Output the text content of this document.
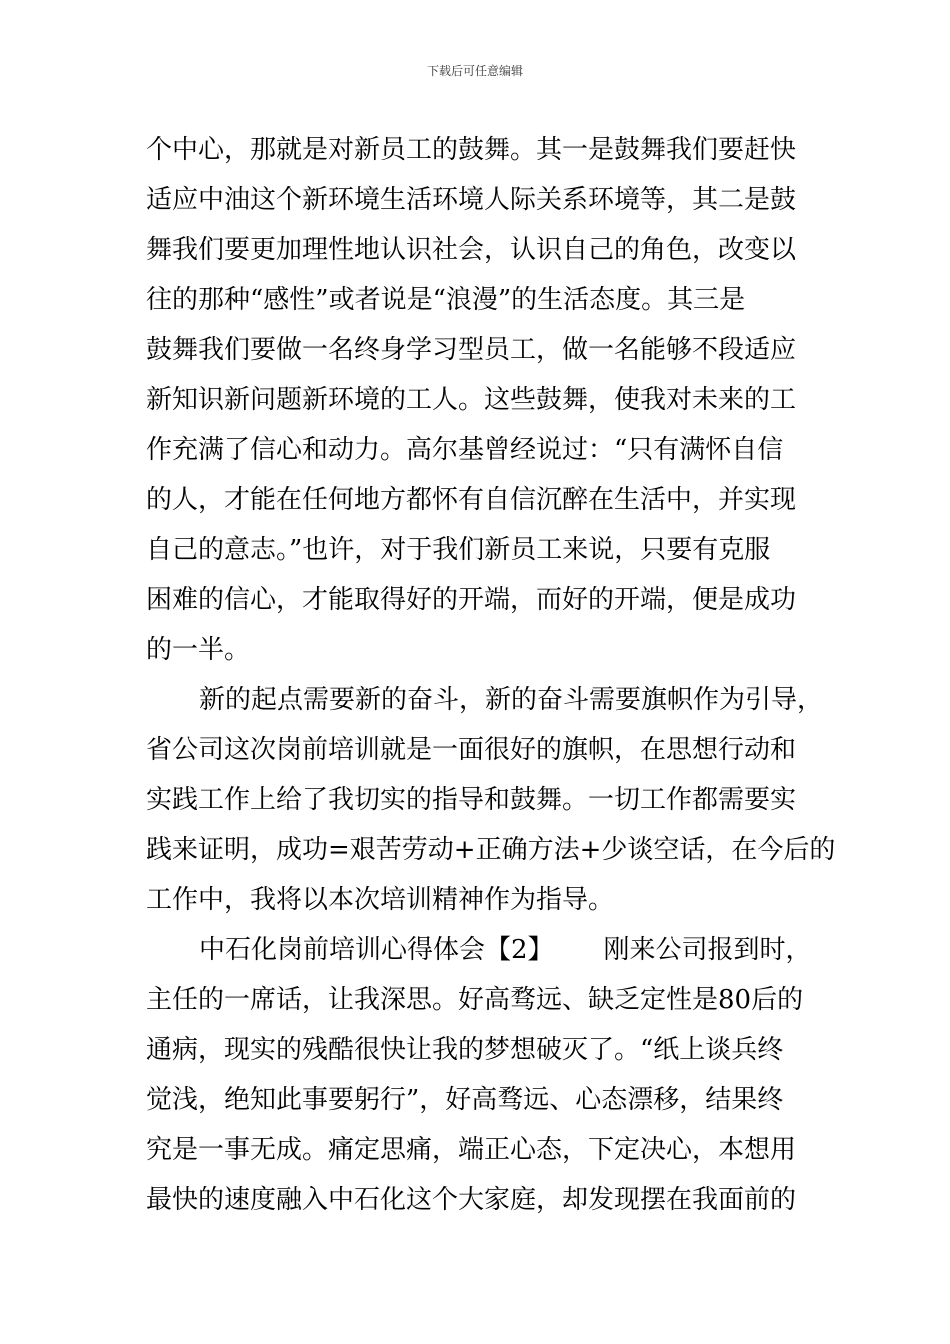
下载后可任意编辑
个中心，那就是对新员工的鼓舞。其一是鼓舞我们要赶快
适应中油这个新环境生活环境人际关系环境等，其二是鼓
舞我们要更加理性地认识社会，认识自己的角色，改变以
往的那种“感性”或者说是“浪漫”的生活态度。其三是
鼓舞我们要做一名终身学习型员工，做一名能够不段适应
新知识新问题新环境的工人。这些鼓舞，使我对未来的工
作充满了信心和动力。高尔基曾经说过：“只有满怀自信
的人，才能在任何地方都怀有自信沉醉在生活中，并实现
自己的意志。”也许，对于我们新员工来说，只要有克服
困难的信心，才能取得好的开端，而好的开端，便是成功
的一半。
新的起点需要新的奋斗，新的奋斗需要旗帜作为引导，
省公司这次岗前培训就是一面很好的旗帜，在思想行动和
实践工作上给了我切实的指导和鼓舞。一切工作都需要实
践来证明，成功=艰苦劳动+正确方法+少谈空话，在今后的
工作中，我将以本次培训精神作为指导。
中石化岗前培训心得体会【2】 刚来公司报到时，
主任的一席话，让我深思。好高骛远、缺乏定性是80后的
通病，现实的残酷很快让我的梦想破灭了。“纸上谈兵终
觉浅，绝知此事要躬行”，好高骛远、心态漂移，结果终
究是一事无成。痛定思痛，端正心态，下定决心，本想用
最快的速度融入中石化这个大家庭，却发现摆在我面前的
